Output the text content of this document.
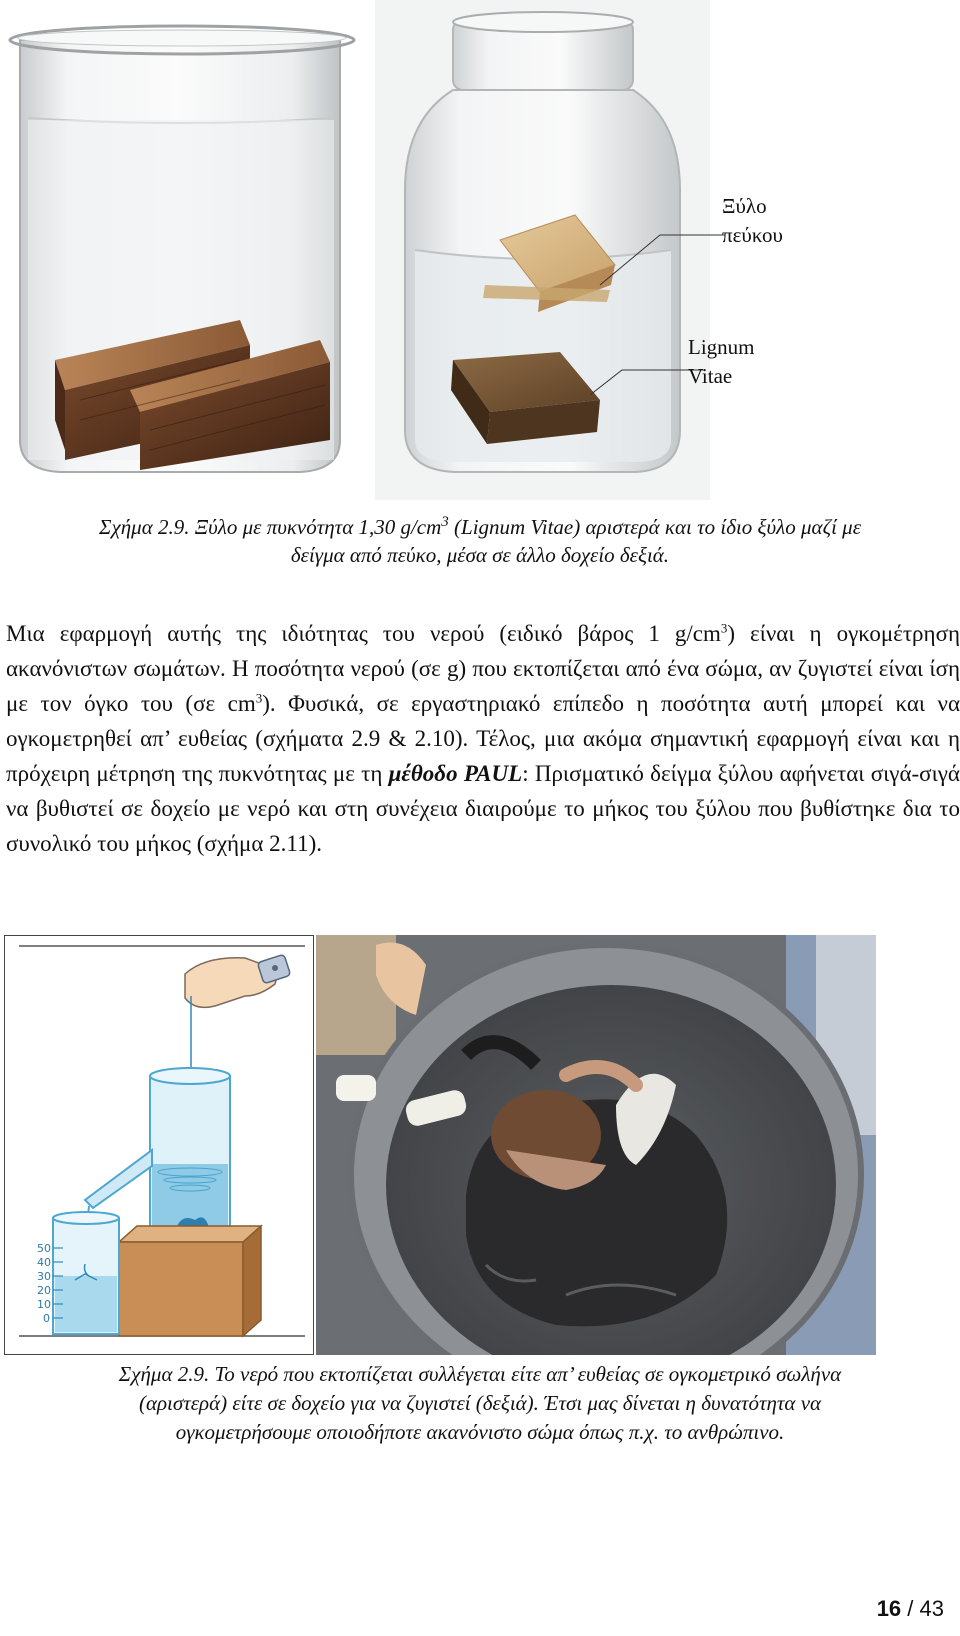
Ξύλο
πεύκου
Lignum
Vitae
Σχήμα 2.9. Ξύλο με πυκνότητα 1,30 $g/cm^3$ (Lignum Vitae) αριστερά και το ίδιο ξύλο μαζί με
δείγμα από πεύκο, μέσα σε άλλο δοχείο δεξιά.
Μια εφαρμογή αυτής της ιδιότητας του νερού (ειδικό βάρος 1 $g/cm^3$) είναι η ογκομέτρηση ακανόνιστων σωμάτων. Η ποσότητα νερού (σε g) που εκτοπίζεται από ένα σώμα, αν ζυγιστεί είναι ίση με τον όγκο του (σε $cm^3$). Φυσικά, σε εργαστηριακό επίπεδο η ποσότητα αυτή μπορεί και να ογκομετρηθεί απ’ ευθείας (σχήματα 2.9 & 2.10). Τέλος, μια ακόμα σημαντική εφαρμογή είναι και η πρόχειρη μέτρηση της πυκνότητας με τη μέθοδο PAUL: Πρισματικό δείγμα ξύλου αφήνεται σιγά-σιγά να βυθιστεί σε δοχείο με νερό και στη συνέχεια διαιρούμε το μήκος του ξύλου που βυθίστηκε δια το συνολικό του μήκος (σχήμα 2.11).
50
40
30
20
10
0
Σχήμα 2.9. Το νερό που εκτοπίζεται συλλέγεται είτε απ’ ευθείας σε ογκομετρικό σωλήνα
(αριστερά) είτε σε δοχείο για να ζυγιστεί (δεξιά). Έτσι μας δίνεται η δυνατότητα να
ογκομετρήσουμε οποιοδήποτε ακανόνιστο σώμα όπως π.χ. το ανθρώπινο.
16 / 43
